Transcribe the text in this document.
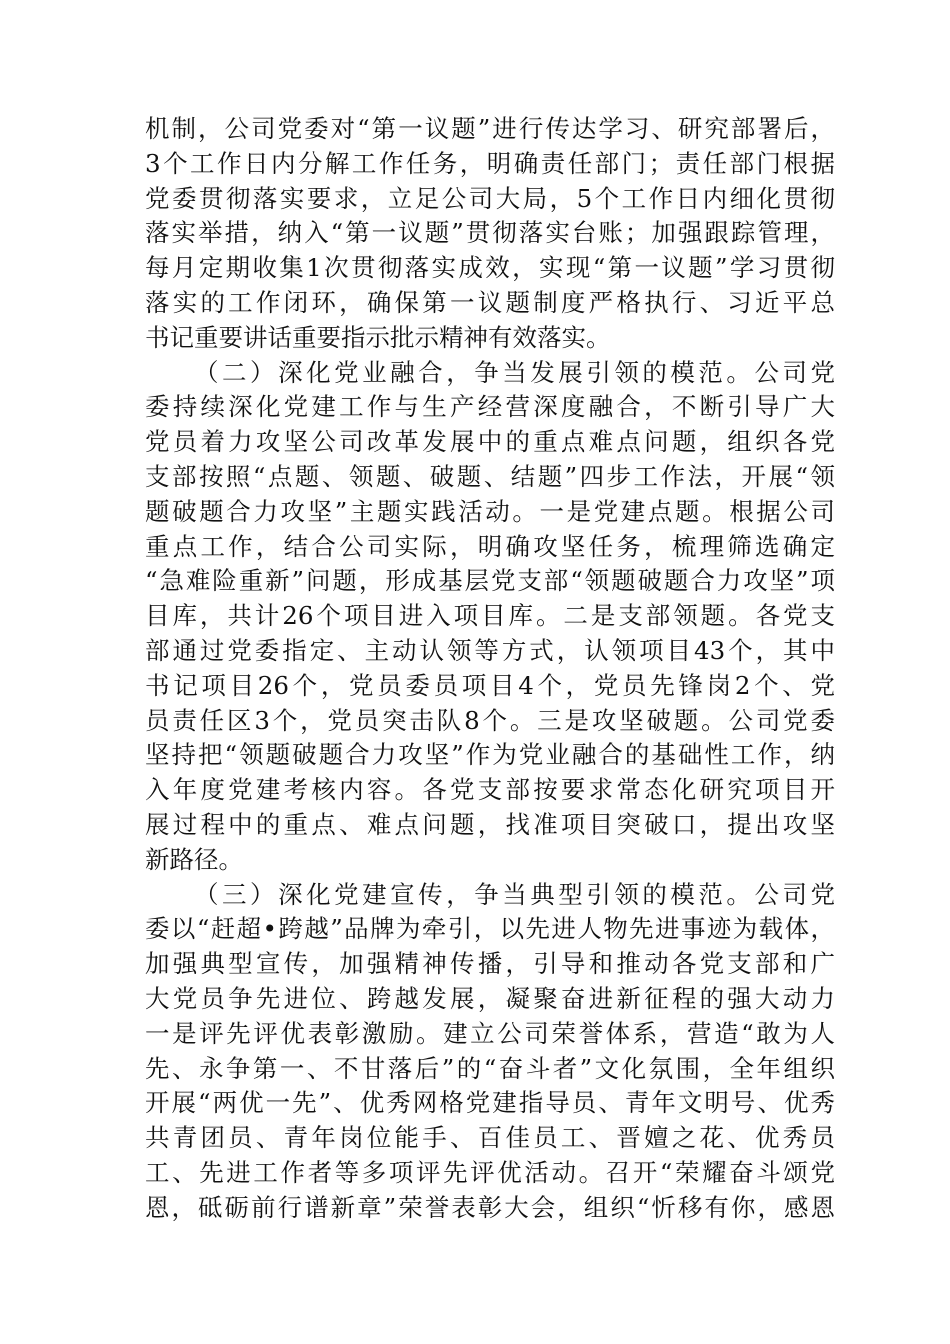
机制，公司党委对“第一议题”进行传达学习、研究部署后，
3个工作日内分解工作任务，明确责任部门；责任部门根据
党委贯彻落实要求，立足公司大局，5个工作日内细化贯彻
落实举措，纳入“第一议题”贯彻落实台账；加强跟踪管理，
每月定期收集1次贯彻落实成效，实现“第一议题”学习贯彻
落实的工作闭环，确保第一议题制度严格执行、习近平总
书记重要讲话重要指示批示精神有效落实。
（二）深化党业融合，争当发展引领的模范。公司党
委持续深化党建工作与生产经营深度融合，不断引导广大
党员着力攻坚公司改革发展中的重点难点问题，组织各党
支部按照“点题、领题、破题、结题”四步工作法，开展“领
题破题合力攻坚”主题实践活动。一是党建点题。根据公司
重点工作，结合公司实际，明确攻坚任务，梳理筛选确定
“急难险重新”问题，形成基层党支部“领题破题合力攻坚”项
目库，共计26个项目进入项目库。二是支部领题。各党支
部通过党委指定、主动认领等方式，认领项目43个，其中
书记项目26个，党员委员项目4个，党员先锋岗2个、党
员责任区3个，党员突击队8个。三是攻坚破题。公司党委
坚持把“领题破题合力攻坚”作为党业融合的基础性工作，纳
入年度党建考核内容。各党支部按要求常态化研究项目开
展过程中的重点、难点问题，找准项目突破口，提出攻坚
新路径。
（三）深化党建宣传，争当典型引领的模范。公司党
委以“赶超•跨越”品牌为牵引，以先进人物先进事迹为载体，
加强典型宣传，加强精神传播，引导和推动各党支部和广
大党员争先进位、跨越发展，凝聚奋进新征程的强大动力
一是评先评优表彰激励。建立公司荣誉体系，营造“敢为人
先、永争第一、不甘落后”的“奋斗者”文化氛围，全年组织
开展“两优一先”、优秀网格党建指导员、青年文明号、优秀
共青团员、青年岗位能手、百佳员工、晋嬗之花、优秀员
工、先进工作者等多项评先评优活动。召开“荣耀奋斗颂党
恩，砥砺前行谱新章”荣誉表彰大会，组织“忻移有你，感恩
